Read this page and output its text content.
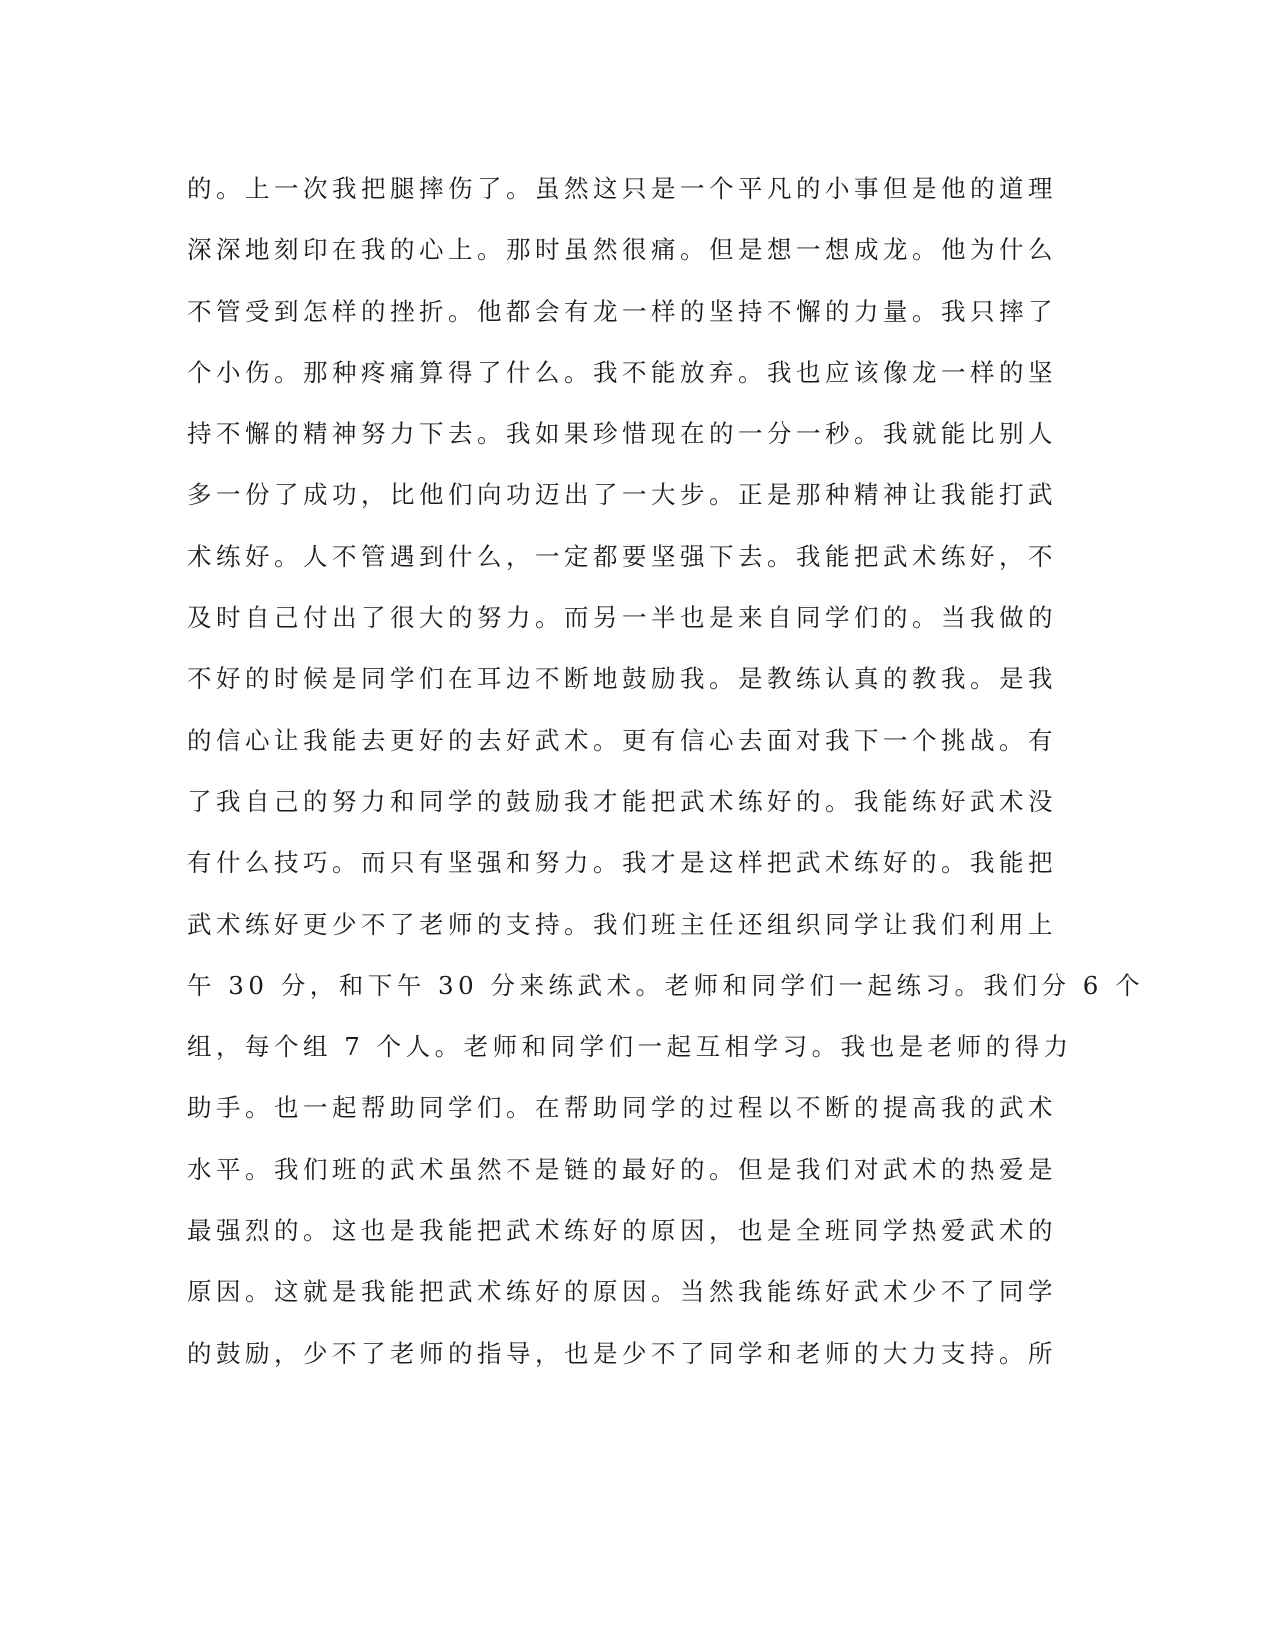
的。上一次我把腿摔伤了。虽然这只是一个平凡的小事但是他的道理
深深地刻印在我的心上。那时虽然很痛。但是想一想成龙。他为什么
不管受到怎样的挫折。他都会有龙一样的坚持不懈的力量。我只摔了
个小伤。那种疼痛算得了什么。我不能放弃。我也应该像龙一样的坚
持不懈的精神努力下去。我如果珍惜现在的一分一秒。我就能比别人
多一份了成功，比他们向功迈出了一大步。正是那种精神让我能打武
术练好。人不管遇到什么，一定都要坚强下去。我能把武术练好，不
及时自己付出了很大的努力。而另一半也是来自同学们的。当我做的
不好的时候是同学们在耳边不断地鼓励我。是教练认真的教我。是我
的信心让我能去更好的去好武术。更有信心去面对我下一个挑战。有
了我自己的努力和同学的鼓励我才能把武术练好的。我能练好武术没
有什么技巧。而只有坚强和努力。我才是这样把武术练好的。我能把
武术练好更少不了老师的支持。我们班主任还组织同学让我们利用上
午 30 分，和下午 30 分来练武术。老师和同学们一起练习。我们分 6 个
组，每个组 7 个人。老师和同学们一起互相学习。我也是老师的得力
助手。也一起帮助同学们。在帮助同学的过程以不断的提高我的武术
水平。我们班的武术虽然不是链的最好的。但是我们对武术的热爱是
最强烈的。这也是我能把武术练好的原因，也是全班同学热爱武术的
原因。这就是我能把武术练好的原因。当然我能练好武术少不了同学
的鼓励，少不了老师的指导，也是少不了同学和老师的大力支持。所
